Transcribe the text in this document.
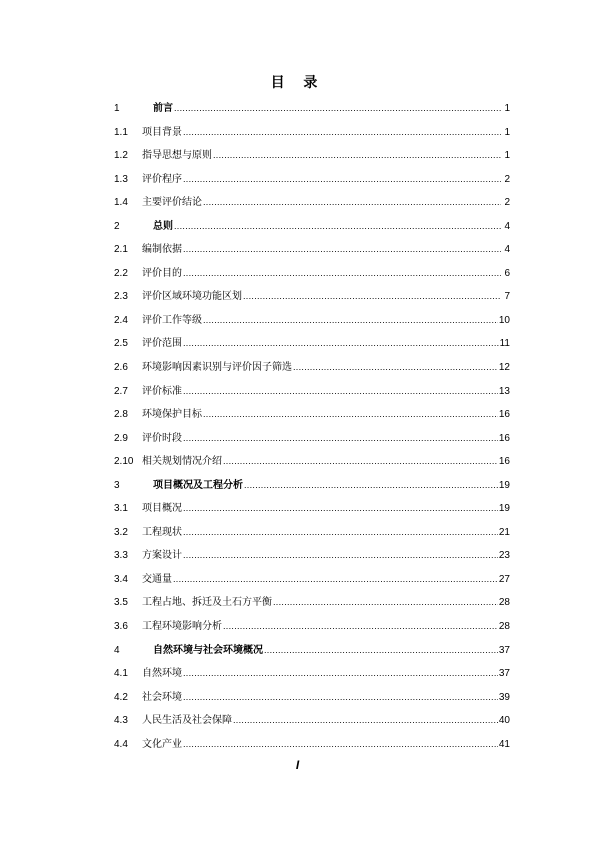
目 录
1	前言 .....	1
1.1	项目背景 .....	1
1.2	指导思想与原则 .....	1
1.3	评价程序 .....	2
1.4	主要评价结论 .....	2
2	总则 .....	4
2.1	编制依据 .....	4
2.2	评价目的 .....	6
2.3	评价区域环境功能区划 .....	7
2.4	评价工作等级 .....	10
2.5	评价范围 .....	11
2.6	环境影响因素识别与评价因子筛选 .....	12
2.7	评价标准 .....	13
2.8	环境保护目标 .....	16
2.9	评价时段 .....	16
2.10 相关规划情况介绍 .....	16
3	项目概况及工程分析 .....	19
3.1	项目概况 .....	19
3.2	工程现状 .....	21
3.3	方案设计 .....	23
3.4	交通量 .....	27
3.5	工程占地、拆迁及土石方平衡 .....	28
3.6	工程环境影响分析 .....	28
4	自然环境与社会环境概况 .....	37
4.1	自然环境 .....	37
4.2	社会环境 .....	39
4.3	人民生活及社会保障 .....	40
4.4	文化产业 .....	41
I
